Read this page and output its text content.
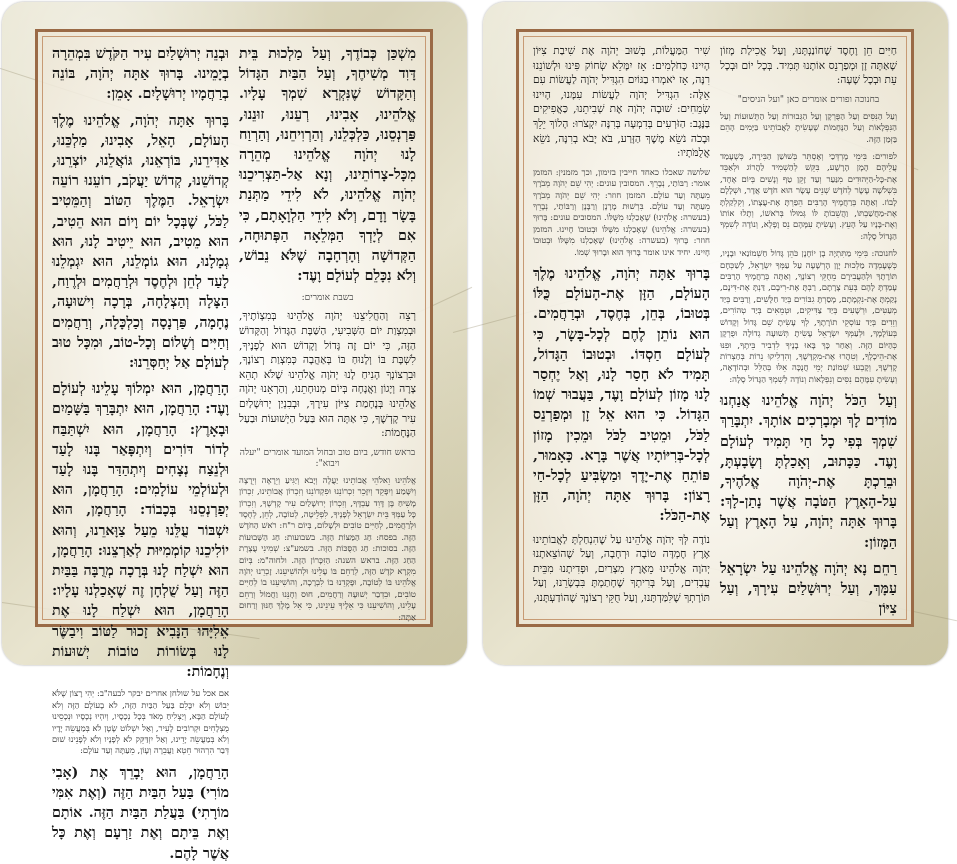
וּבְנֵה יְרוּשָׁלַיִם עִיר הַקֹּדֶשׁ בִּמְהֵרָה בְיָמֵינוּ. בָּרוּךְ אַתָּה יְהֹוָה, בּוֹנֵה בְרַחֲמָיו יְרוּשָׁלָיִם. אָמֵן:

בָּרוּךְ אַתָּה יְהֹוָה, אֱלֹהֵינוּ מֶלֶךְ הָעוֹלָם, הָאֵל, אָבִינוּ, מַלְכֵּנוּ, אַדִּירֵנוּ, בּוֹרְאֵנוּ, גּוֹאֲלֵנוּ, יוֹצְרֵנוּ, קְדוֹשֵׁנוּ, קְדוֹשׁ יַעֲקֹב, רוֹעֵנוּ רוֹעֵה יִשְׂרָאֵל. הַמֶּלֶךְ הַטּוֹב וְהַמֵּטִיב לַכֹּל, שֶׁבְּכָל יוֹם וָיוֹם הוּא הֵטִיב, הוּא מֵטִיב, הוּא יֵיטִיב לָנוּ, הוּא גְמָלָנוּ, הוּא גוֹמְלֵנוּ, הוּא יִגְמְלֵנוּ לָעַד לְחֵן וּלְחֶסֶד וּלְרַחֲמִים וּלְרֶוַח, הַצָּלָה וְהַצְלָחָה, בְּרָכָה וִישׁוּעָה, נֶחָמָה, פַּרְנָסָה וְכַלְכָּלָה, וְרַחֲמִים וְחַיִּים וְשָׁלוֹם וְכָל-טוֹב, וּמִכָּל טוּב לְעוֹלָם אַל יְחַסְּרֵנוּ:

הָרַחֲמָן, הוּא יִמְלוֹךְ עָלֵינוּ לְעוֹלָם וָעֶד: הָרַחֲמָן, הוּא יִתְבָּרַךְ בַּשָּׁמַיִם וּבָאָרֶץ: הָרַחֲמָן, הוּא יִשְׁתַּבַּח לְדוֹר דּוֹרִים וְיִתְפָּאַר בָּנוּ לָעַד וּלְנֵצַח נְצָחִים וְיִתְהַדַּר בָּנוּ לָעַד וּלְעוֹלְמֵי עוֹלָמִים: הָרַחֲמָן, הוּא יְפַרְנְסֵנוּ בְּכָבוֹד: הָרַחֲמָן, הוּא יִשְׁבּוֹר עֻלֵּנוּ מֵעַל צַוָּארֵנוּ, וְהוּא יוֹלִיכֵנוּ קוֹמְמִיּוּת לְאַרְצֵנוּ: הָרַחֲמָן, הוּא יִשְׁלַח לָנוּ בְּרָכָה מְרֻבָּה בַּבַּיִת הַזֶּה וְעַל שֻׁלְחָן זֶה שֶׁאָכַלְנוּ עָלָיו: הָרַחֲמָן, הוּא יִשְׁלַח לָנוּ אֶת אֵלִיָּהוּ הַנָּבִיא זָכוּר לַטּוֹב וִיבַשֶּׂר לָנוּ בְּשׂוֹרוֹת טוֹבוֹת יְשׁוּעוֹת וְנֶחָמוֹת:

אם אכל על שולחן אחרים יבקר לבעה"ב: יְהִי רָצוֹן שֶׁלֹּא יֵבוֹשׁ וְלֹא יִכָּלֵם בַּעַל הַבַּיִת הַזֶּה, לֹא בָעוֹלָם הַזֶּה וְלֹא לָעוֹלָם הַבָּא, וְיַצְלִיחַ מְאֹד בְּכָל נְכָסָיו, וְיִהְיוּ נְכָסָיו וּנְכָסֵינוּ מֻצְלָחִים וּקְרוֹבִים לָעִיר, וְאַל יִשְׁלוֹט שָׂטָן לֹא בְּמַעֲשֵׂה יָדָיו וְלֹא בְּמַעֲשֵׂה יָדֵינוּ, וְאַל יִזְדַּקֵּק לֹא לְפָנָיו וְלֹא לְפָנֵינוּ שׁוּם דְּבַר הִרְהוּר חֵטְא וַעֲבֵרָה וְעָוֹן, מֵעַתָּה וְעַד עוֹלָם:

הָרַחֲמָן, הוּא יְבָרֵךְ אֶת (אָבִי מוֹרִי) בַּעַל הַבַּיִת הַזֶּה (וְאֶת אִמִּי מוֹרָתִי) בַּעֲלַת הַבַּיִת הַזֶּה. אוֹתָם וְאֶת בֵּיתָם וְאֶת זַרְעָם וְאֶת כָּל אֲשֶׁר לָהֶם.

מִשְׁכַּן כְּבוֹדֶךָ, וְעַל מַלְכוּת בֵּית דָּוִד מְשִׁיחֶךָ, וְעַל הַבַּיִת הַגָּדוֹל וְהַקָּדוֹשׁ שֶׁנִּקְרָא שִׁמְךָ עָלָיו. אֱלֹהֵינוּ, אָבִינוּ, רְעֵנוּ, זוּנֵנוּ, פַּרְנְסֵנוּ, כַּלְכְּלֵנוּ, וְהַרְוִיחֵנוּ, וְהַרְוַח לָנוּ יְהֹוָה אֱלֹהֵינוּ מְהֵרָה מִכָּל-צָרוֹתֵינוּ, וְנָא אַל-תַּצְרִיכֵנוּ יְהֹוָה אֱלֹהֵינוּ, לֹא לִידֵי מַתְּנַת בָּשָׂר וָדָם, וְלֹא לִידֵי הַלְוָאָתָם, כִּי אִם לְיָדְךָ הַמְּלֵאָה הַפְּתוּחָה, הַקְּדוֹשָׁה וְהָרְחָבָה שֶׁלֹּא נֵבוֹשׁ, וְלֹא נִכָּלֵם לְעוֹלָם וָעֶד:

בשבת אומרים:

רְצֵה וְהַחֲלִיצֵנוּ יְהֹוָה אֱלֹהֵינוּ בְּמִצְוֹתֶיךָ, וּבְמִצְוַת יוֹם הַשְּׁבִיעִי, הַשַּׁבָּת הַגָּדוֹל וְהַקָּדוֹשׁ הַזֶּה, כִּי יוֹם זֶה גָּדוֹל וְקָדוֹשׁ הוּא לְפָנֶיךָ, לִשְׁבָּת בּוֹ וְלָנוּחַ בּוֹ בְּאַהֲבָה כְּמִצְוַת רְצוֹנֶךָ, וּבִרְצוֹנְךָ הָנִיחַ לָנוּ יְהֹוָה אֱלֹהֵינוּ שֶׁלֹּא תְהֵא צָרָה וְיָגוֹן וַאֲנָחָה בְּיוֹם מְנוּחָתֵנוּ, וְהַרְאֵנוּ יְהֹוָה אֱלֹהֵינוּ בְּנֶחָמַת צִיּוֹן עִירֶךָ, וּבְבִנְיַן יְרוּשָׁלַיִם עִיר קָדְשֶׁךָ, כִּי אַתָּה הוּא בַּעַל הַיְשׁוּעוֹת וּבַעַל הַנֶּחָמוֹת:

בראש חודש, ביום טוב ובחול המועד אומרים "יעלה ויבוא":

אֱלֹהֵינוּ וֵאלֹהֵי אֲבוֹתֵינוּ יַעֲלֶה וְיָבֹא וְיַגִּיעַ וְיֵרָאֶה וְיֵרָצֶה וְיִשָּׁמַע וְיִפָּקֵד וְיִזָּכֵר זִכְרוֹנֵנוּ וּפִקְדוֹנֵנוּ וְזִכְרוֹן אֲבוֹתֵינוּ, זִכְרוֹן מָשִׁיחַ בֶּן דָּוִד עַבְדֶּךָ, וְזִכְרוֹן יְרוּשָׁלַיִם עִיר קָדְשֶׁךָ, וְזִכְרוֹן כָּל עַמְּךָ בֵּית יִשְׂרָאֵל לְפָנֶיךָ, לִפְלֵיטָה, לְטוֹבָה, לְחֵן, לְחֶסֶד וּלְרַחֲמִים, לְחַיִּים טוֹבִים וּלְשָׁלוֹם, בְּיוֹם ר"ח: רֹאשׁ הַחֹדֶשׁ הַזֶּה. בפסח: חַג הַמַּצּוֹת הַזֶּה. בשבועות: חַג הַשָּׁבוּעוֹת הַזֶּה. בסוכות: חַג הַסֻּכּוֹת הַזֶּה. בשמע"צ: שְׁמִינִי עֲצֶרֶת הַחַג הַזֶּה. בראש השנה: הַזִּכָּרוֹן הַזֶּה. ולחוה"מ: בְּיוֹם מִקְרָא קֹדֶשׁ הַזֶּה, לְרַחֵם בּוֹ עָלֵינוּ וּלְהוֹשִׁיעֵנוּ. זָכְרֵנוּ יְהֹוָה אֱלֹהֵינוּ בּוֹ לְטוֹבָה, וּפָקְדֵנוּ בוֹ לִבְרָכָה, וְהוֹשִׁיעֵנוּ בוֹ לְחַיִּים טוֹבִים, וּבִדְבַר יְשׁוּעָה וְרַחֲמִים, חוּס וְחָנֵּנוּ וַחֲמוֹל וְרַחֵם עָלֵינוּ, וְהוֹשִׁיעֵנוּ כִּי אֵלֶיךָ עֵינֵינוּ, כִּי אֵל מֶלֶךְ חַנּוּן וְרַחוּם אַתָּה:

שִׁיר הַמַּעֲלוֹת, בְּשׁוּב יְהֹוָה אֶת שִׁיבַת צִיּוֹן הָיִינוּ כְּחֹלְמִים: אָז יִמָּלֵא שְׂחוֹק פִּינוּ וּלְשׁוֹנֵנוּ רִנָּה, אָז יֹאמְרוּ בַגּוֹיִם הִגְדִּיל יְהֹוָה לַעֲשׂוֹת עִם אֵלֶּה: הִגְדִּיל יְהֹוָה לַעֲשׂוֹת עִמָּנוּ, הָיִינוּ שְׂמֵחִים: שׁוּבָה יְהֹוָה אֶת שְׁבִיתֵנוּ, כַּאֲפִיקִים בַּנֶּגֶב: הַזֹּרְעִים בְּדִמְעָה בְּרִנָּה יִקְצֹרוּ: הָלוֹךְ יֵלֵךְ וּבָכֹה נֹשֵׂא מֶשֶׁךְ הַזָּרַע, בֹּא יָבֹא בְרִנָּה, נֹשֵׂא אֲלֻמֹּתָיו:

שלושה שאכלו כאחד חייבין בזימון, וכך מזמנין: המזמן אומר: רַבּוֹתַי, נְבָרֵךְ. המסובין עונים: יְהִי שֵׁם יְהֹוָה מְבֹרָךְ מֵעַתָּה וְעַד עוֹלָם. המזמן חוזר: יְהִי שֵׁם יְהֹוָה מְבֹרָךְ מֵעַתָּה וְעַד עוֹלָם. בִּרְשׁוּת מָרָנָן וְרַבָּנָן וְרַבּוֹתַי, נְבָרֵךְ (בעשרה: אֱלֹהֵינוּ) שֶׁאָכַלְנוּ מִשֶּׁלּוֹ. המסובים עונים: בָּרוּךְ (בעשרה: אֱלֹהֵינוּ) שֶׁאָכַלְנוּ מִשֶּׁלּוֹ וּבְטוּבוֹ חָיִינוּ. המזמן חוזר: בָּרוּךְ (בעשרה: אֱלֹהֵינוּ) שֶׁאָכַלְנוּ מִשֶּׁלּוֹ וּבְטוּבוֹ חָיִינוּ. יחיד אינו אומר בָּרוּךְ הוּא וּבָרוּךְ שְׁמוֹ.

בָּרוּךְ אַתָּה יְהֹוָה, אֱלֹהֵינוּ מֶלֶךְ הָעוֹלָם, הַזָּן אֶת-הָעוֹלָם כֻּלּוֹ בְּטוּבוֹ, בְּחֵן, בְּחֶסֶד, וּבְרַחֲמִים. הוּא נוֹתֵן לֶחֶם לְכָל-בָּשָׂר, כִּי לְעוֹלָם חַסְדּוֹ. וּבְטוּבוֹ הַגָּדוֹל, תָּמִיד לֹא חָסַר לָנוּ, וְאַל יֶחְסַר לָנוּ מָזוֹן לְעוֹלָם וָעֶד, בַּעֲבוּר שְׁמוֹ הַגָּדוֹל. כִּי הוּא אֵל זָן וּמְפַרְנֵס לַכֹּל, וּמֵטִיב לַכֹּל וּמֵכִין מָזוֹן לְכָל-בְּרִיּוֹתָיו אֲשֶׁר בָּרָא. כָּאָמוּר, פּוֹתֵחַ אֶת-יָדֶךָ וּמַשְׂבִּיעַ לְכָל-חַי רָצוֹן: בָּרוּךְ אַתָּה יְהֹוָה, הַזָּן אֶת-הַכֹּל:

נוֹדֶה לְּךָ יְהֹוָה אֱלֹהֵינוּ עַל שֶׁהִנְחַלְתָּ לַאֲבוֹתֵינוּ אֶרֶץ חֶמְדָּה טוֹבָה וּרְחָבָה, וְעַל שֶׁהוֹצֵאתָנוּ יְהֹוָה אֱלֹהֵינוּ מֵאֶרֶץ מִצְרַיִם, וּפְדִיתָנוּ מִבֵּית עֲבָדִים, וְעַל בְּרִיתְךָ שֶׁחָתַמְתָּ בִּבְשָׂרֵנוּ, וְעַל תּוֹרָתְךָ שֶׁלִּמַּדְתָּנוּ, וְעַל חֻקֵּי רְצוֹנָךְ שֶׁהוֹדַעְתָּנוּ,

חַיִּים חֵן וָחֶסֶד שֶׁחוֹנַנְתָּנוּ, וְעַל אֲכִילַת מָזוֹן שָׁאַתָּה זָן וּמְפַרְנֵס אוֹתָנוּ תָּמִיד. בְּכָל יוֹם וּבְכָל עֵת וּבְכָל שָׁעָה:

בחנוכה ופורים אומרים כאן "ועל הניסים"

וְעַל הַנִּסִּים וְעַל הַפֻּרְקָן וְעַל הַגְּבוּרוֹת וְעַל הַתְּשׁוּעוֹת וְעַל הַנִּפְלָאוֹת וְעַל הַנֶּחָמוֹת שֶׁעָשִׂיתָ לַאֲבוֹתֵינוּ בַּיָּמִים הָהֵם בַּזְּמַן הַזֶּה.

לפורים: בִּימֵי מָרְדְּכַי וְאֶסְתֵּר בְּשׁוּשַׁן הַבִּירָה, כְּשֶׁעָמַד עֲלֵיהֶם הָמָן הָרָשָׁע, בִּקֵּשׁ לְהַשְׁמִיד לַהֲרוֹג וּלְאַבֵּד אֶת-כָּל-הַיְּהוּדִים מִנַּעַר וְעַד זָקֵן טַף וְנָשִׁים בְּיוֹם אֶחָד, בִּשְׁלֹשָׁה עָשָׂר לְחֹדֶשׁ שְׁנֵים עָשָׂר הוּא חֹדֶשׁ אֲדָר, וּשְׁלָלָם לָבוֹז. וְאַתָּה בְּרַחֲמֶיךָ הָרַבִּים הֵפַרְתָּ אֶת-עֲצָתוֹ, וְקִלְקַלְתָּ אֶת-מַחֲשַׁבְתּוֹ, וַהֲשֵׁבוֹתָ לּוֹ גְּמוּלוֹ בְּרֹאשׁוֹ, וְתָלוּ אוֹתוֹ וְאֶת-בָּנָיו עַל הָעֵץ. וְעָשִׂיתָ עִמָּהֶם נֵס וָפֶלֶא, וְנוֹדֶה לְשִׁמְךָ הַגָּדוֹל סֶלָה:

לחנוכה: בִּימֵי מַתִּתְיָה בֶן יוֹחָנָן כֹּהֵן גָּדוֹל חַשְׁמוֹנַאי וּבָנָיו, כְּשֶׁעָמְדָה מַלְכוּת יָוָן הָרְשָׁעָה עַל עַמְּךָ יִשְׂרָאֵל, לְשַׁכְּחָם תּוֹרָתָךְ וּלְהַעֲבִירָם מֵחֻקֵּי רְצוֹנָךְ, וְאַתָּה בְּרַחֲמֶיךָ הָרַבִּים עָמַדְתָּ לָהֶם בְּעֵת צָרָתָם, רַבְתָּ אֶת-רִיבָם, דַּנְתָּ אֶת-דִּינָם, נָקַמְתָּ אֶת-נִקְמָתָם, מָסַרְתָּ גִבּוֹרִים בְּיַד חַלָּשִׁים, וְרַבִּים בְּיַד מְעַטִּים, וּרְשָׁעִים בְּיַד צַדִּיקִים, וּטְמֵאִים בְּיַד טְהוֹרִים, וְזֵדִים בְּיַד עוֹסְקֵי תוֹרָתֶךָ, לְךָ עָשִׂיתָ שֵׁם גָּדוֹל וְקָדוֹשׁ בְּעוֹלָמָךְ, וּלְעַמְּךָ יִשְׂרָאֵל עָשִׂיתָ תְּשׁוּעָה גְדוֹלָה וּפֻרְקָן כְּהַיּוֹם הַזֶּה. וְאַחַר כָּךְ בָּאוּ בָנֶיךָ לִדְבִיר בֵּיתֶךָ, וּפִנּוּ אֶת-הֵיכָלֶךָ, וְטִהֲרוּ אֶת-מִקְדָּשֶׁךָ, וְהִדְלִיקוּ נֵרוֹת בְּחַצְרוֹת קָדְשֶׁךָ, וְקָבְעוּ שְׁמוֹנַת יְמֵי חֲנֻכָּה אֵלּוּ בְּהַלֵּל וּבְהוֹדָאָה, וְעָשִׂיתָ עִמָּהֶם נִסִּים וְנִפְלָאוֹת וְנוֹדֶה לְשִׁמְךָ הַגָּדוֹל סֶלָה:

וְעַל הַכֹּל יְהֹוָה אֱלֹהֵינוּ אֲנַחְנוּ מוֹדִים לָךְ וּמְבָרְכִים אוֹתָךְ. יִתְבָּרַךְ שִׁמְךָ בְּפִי כָל חַי תָּמִיד לְעוֹלָם וָעֶד. כַּכָּתוּב, וְאָכַלְתָּ וְשָׂבָעְתָּ, וּבֵרַכְתָּ אֶת-יְהֹוָה אֱלֹהֶיךָ, עַל-הָאָרֶץ הַטֹּבָה אֲשֶׁר נָתַן-לָךְ: בָּרוּךְ אַתָּה יְהֹוָה, עַל הָאָרֶץ וְעַל הַמָּזוֹן:

רַחֵם נָא יְהֹוָה אֱלֹהֵינוּ עַל יִשְׂרָאֵל עַמָּךְ, וְעַל יְרוּשָׁלַיִם עִירָךְ, וְעַל צִיּוֹן
